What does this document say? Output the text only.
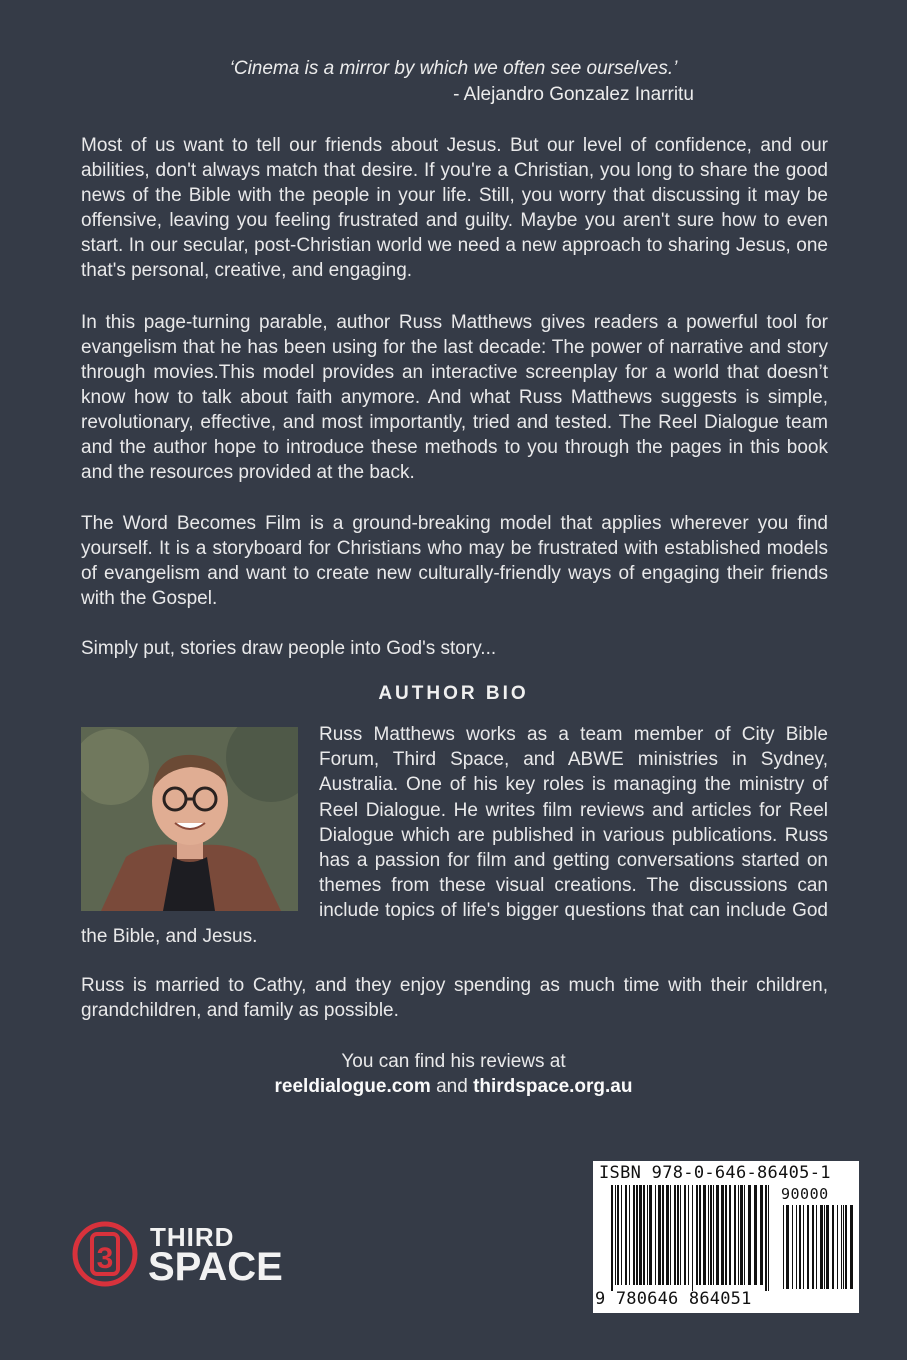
‘Cinema is a mirror by which we often see ourselves.’
- Alejandro Gonzalez Inarritu

Most of us want to tell our friends about Jesus. But our level of confidence, and our abilities, don't always match that desire. If you're a Christian, you long to share the good news of the Bible with the people in your life. Still, you worry that discussing it may be offensive, leaving you feeling frustrated and guilty. Maybe you aren't sure how to even start. In our secular, post-Christian world we need a new approach to sharing Jesus, one that's personal, creative, and engaging.

In this page-turning parable, author Russ Matthews gives readers a powerful tool for evangelism that he has been using for the last decade: The power of narrative and story through movies.This model provides an interactive screenplay for a world that doesn’t know how to talk about faith anymore. And what Russ Matthews suggests is simple, revolutionary, effective, and most importantly, tried and tested. The Reel Dialogue team and the author hope to introduce these methods to you through the pages in this book and the resources provided at the back.

The Word Becomes Film is a ground-breaking model that applies wherever you find yourself. It is a storyboard for Christians who may be frustrated with established models of evangelism and want to create new culturally-friendly ways of engaging their friends with the Gospel.

Simply put, stories draw people into God's story...

AUTHOR BIO

Russ Matthews works as a team member of City Bible Forum, Third Space, and ABWE ministries in Sydney, Australia. One of his key roles is managing the ministry of Reel Dialogue. He writes film reviews and articles for Reel Dialogue which are published in various publications. Russ has a passion for film and getting conversations started on themes from these visual creations. The discussions can include topics of life's bigger questions that can include God the Bible, and Jesus.

Russ is married to Cathy, and they enjoy spending as much time with their children, grandchildren, and family as possible.

You can find his reviews at
reeldialogue.com and thirdspace.org.au
3
THIRD
SPACE
ISBN 978-0-646-86405-1
90000
9 780646 864051
